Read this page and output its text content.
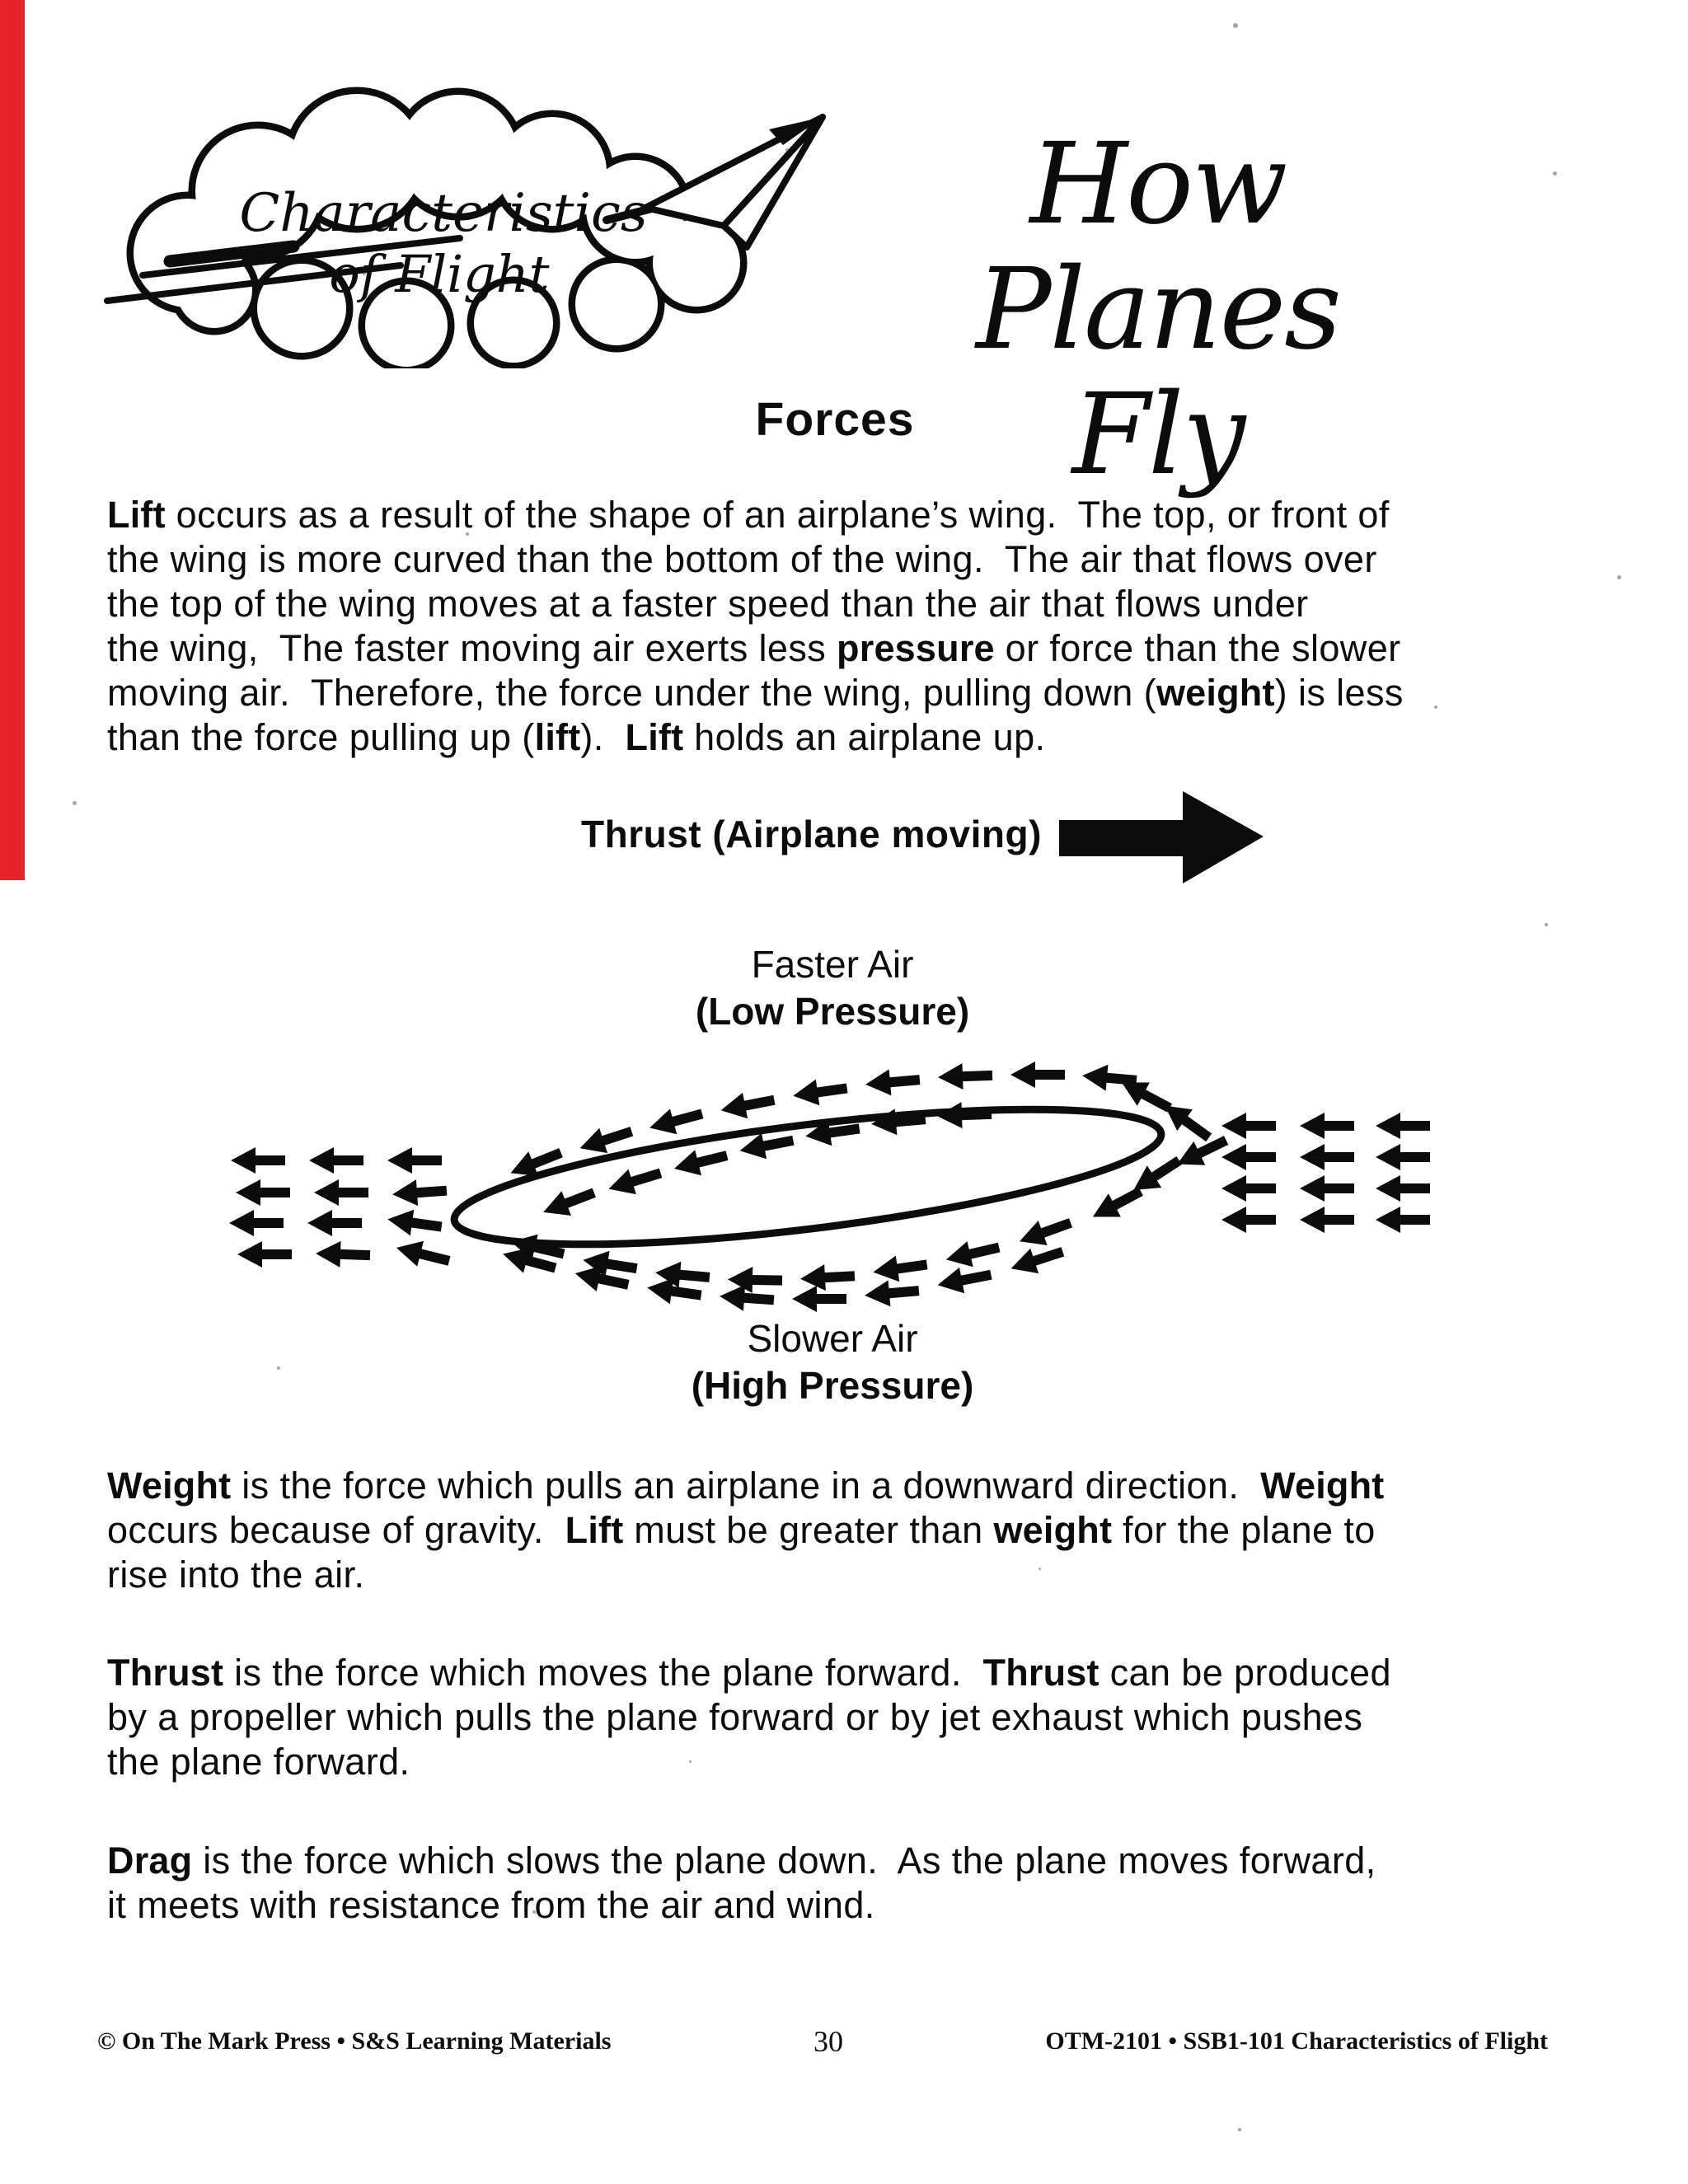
Characteristics
of Flight
How Planes
Fly
Forces

Lift occurs as a result of the shape of an airplane’s wing.  The top, or front of
the wing is more curved than the bottom of the wing.  The air that flows over
the top of the wing moves at a faster speed than the air that flows under
the wing,  The faster moving air exerts less pressure or force than the slower
moving air.  Therefore, the force under the wing, pulling down (weight) is less
than the force pulling up (lift).  Lift holds an airplane up.

Weight is the force which pulls an airplane in a downward direction.  Weight
occurs because of gravity.  Lift must be greater than weight for the plane to
rise into the air.

Thrust is the force which moves the plane forward.  Thrust can be produced
by a propeller which pulls the plane forward or by jet exhaust which pushes
the plane forward.

Drag is the force which slows the plane down.  As the plane moves forward,
it meets with resistance from the air and wind.

Thrust (Airplane moving)
Faster Air
(Low Pressure)
Slower Air
(High Pressure)
© On The Mark Press • S&S Learning Materials	30	OTM-2101 • SSB1-101 Characteristics of Flight
